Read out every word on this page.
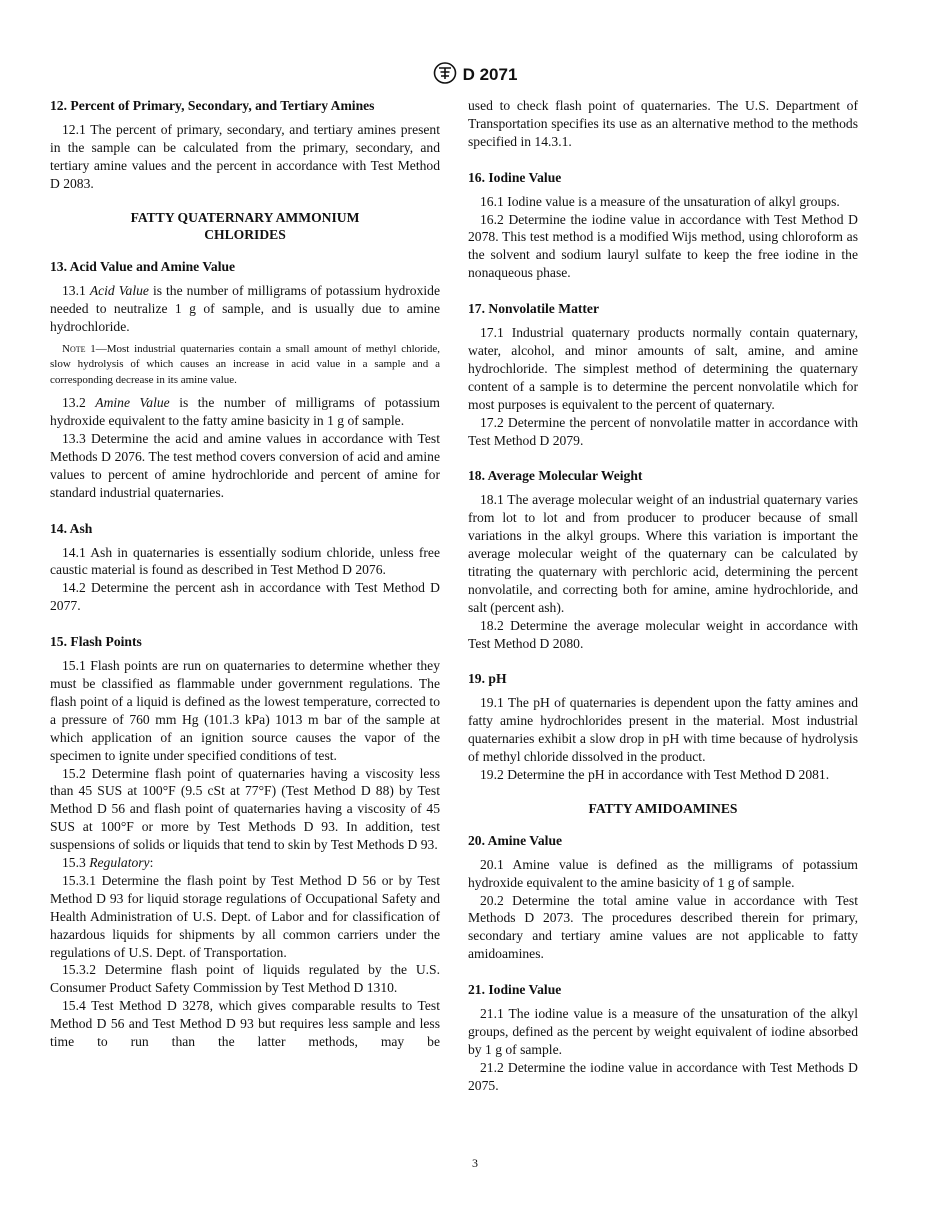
D 2071
12. Percent of Primary, Secondary, and Tertiary Amines

12.1 The percent of primary, secondary, and tertiary amines present in the sample can be calculated from the primary, secondary, and tertiary amine values and the percent in accordance with Test Method D 2083.

FATTY QUATERNARY AMMONIUM CHLORIDES
13. Acid Value and Amine Value

13.1 Acid Value is the number of milligrams of potassium hydroxide needed to neutralize 1 g of sample, and is usually due to amine hydrochloride.

Note 1—Most industrial quaternaries contain a small amount of methyl chloride, slow hydrolysis of which causes an increase in acid value in a sample and a corresponding decrease in its amine value.

13.2 Amine Value is the number of milligrams of potassium hydroxide equivalent to the fatty amine basicity in 1 g of sample.

13.3 Determine the acid and amine values in accordance with Test Methods D 2076. The test method covers conversion of acid and amine values to percent of amine hydrochloride and percent of amine for standard industrial quaternaries.

14. Ash

14.1 Ash in quaternaries is essentially sodium chloride, unless free caustic material is found as described in Test Method D 2076.

14.2 Determine the percent ash in accordance with Test Method D 2077.

15. Flash Points

15.1 Flash points are run on quaternaries to determine whether they must be classified as flammable under government regulations. The flash point of a liquid is defined as the lowest temperature, corrected to a pressure of 760 mm Hg (101.3 kPa) 1013 m bar of the sample at which application of an ignition source causes the vapor of the specimen to ignite under specified conditions of test.

15.2 Determine flash point of quaternaries having a viscosity less than 45 SUS at 100°F (9.5 cSt at 77°F) (Test Method D 88) by Test Method D 56 and flash point of quaternaries having a viscosity of 45 SUS at 100°F or more by Test Methods D 93. In addition, test suspensions of solids or liquids that tend to skin by Test Methods D 93.

15.3 Regulatory:

15.3.1 Determine the flash point by Test Method D 56 or by Test Method D 93 for liquid storage regulations of Occupational Safety and Health Administration of U.S. Dept. of Labor and for classification of hazardous liquids for shipments by all common carriers under the regulations of U.S. Dept. of Transportation.

15.3.2 Determine flash point of liquids regulated by the U.S. Consumer Product Safety Commission by Test Method D 1310.

15.4 Test Method D 3278, which gives comparable results to Test Method D 56 and Test Method D 93 but requires less sample and less time to run than the latter methods, may be

used to check flash point of quaternaries. The U.S. Department of Transportation specifies its use as an alternative method to the methods specified in 14.3.1.

16. Iodine Value

16.1 Iodine value is a measure of the unsaturation of alkyl groups.

16.2 Determine the iodine value in accordance with Test Method D 2078. This test method is a modified Wijs method, using chloroform as the solvent and sodium lauryl sulfate to keep the free iodine in the nonaqueous phase.

17. Nonvolatile Matter

17.1 Industrial quaternary products normally contain quaternary, water, alcohol, and minor amounts of salt, amine, and amine hydrochloride. The simplest method of determining the quaternary content of a sample is to determine the percent nonvolatile which for most purposes is equivalent to the percent of quaternary.

17.2 Determine the percent of nonvolatile matter in accordance with Test Method D 2079.

18. Average Molecular Weight

18.1 The average molecular weight of an industrial quaternary varies from lot to lot and from producer to producer because of small variations in the alkyl groups. Where this variation is important the average molecular weight of the quaternary can be calculated by titrating the quaternary with perchloric acid, determining the percent nonvolatile, and correcting both for amine, amine hydrochloride, and salt (percent ash).

18.2 Determine the average molecular weight in accordance with Test Method D 2080.

19. pH

19.1 The pH of quaternaries is dependent upon the fatty amines and fatty amine hydrochlorides present in the material. Most industrial quaternaries exhibit a slow drop in pH with time because of hydrolysis of methyl chloride dissolved in the product.

19.2 Determine the pH in accordance with Test Method D 2081.

FATTY AMIDOAMINES
20. Amine Value

20.1 Amine value is defined as the milligrams of potassium hydroxide equivalent to the amine basicity of 1 g of sample.

20.2 Determine the total amine value in accordance with Test Methods D 2073. The procedures described therein for primary, secondary and tertiary amine values are not applicable to fatty amidoamines.

21. Iodine Value

21.1 The iodine value is a measure of the unsaturation of the alkyl groups, defined as the percent by weight equivalent of iodine absorbed by 1 g of sample.

21.2 Determine the iodine value in accordance with Test Methods D 2075.

3
